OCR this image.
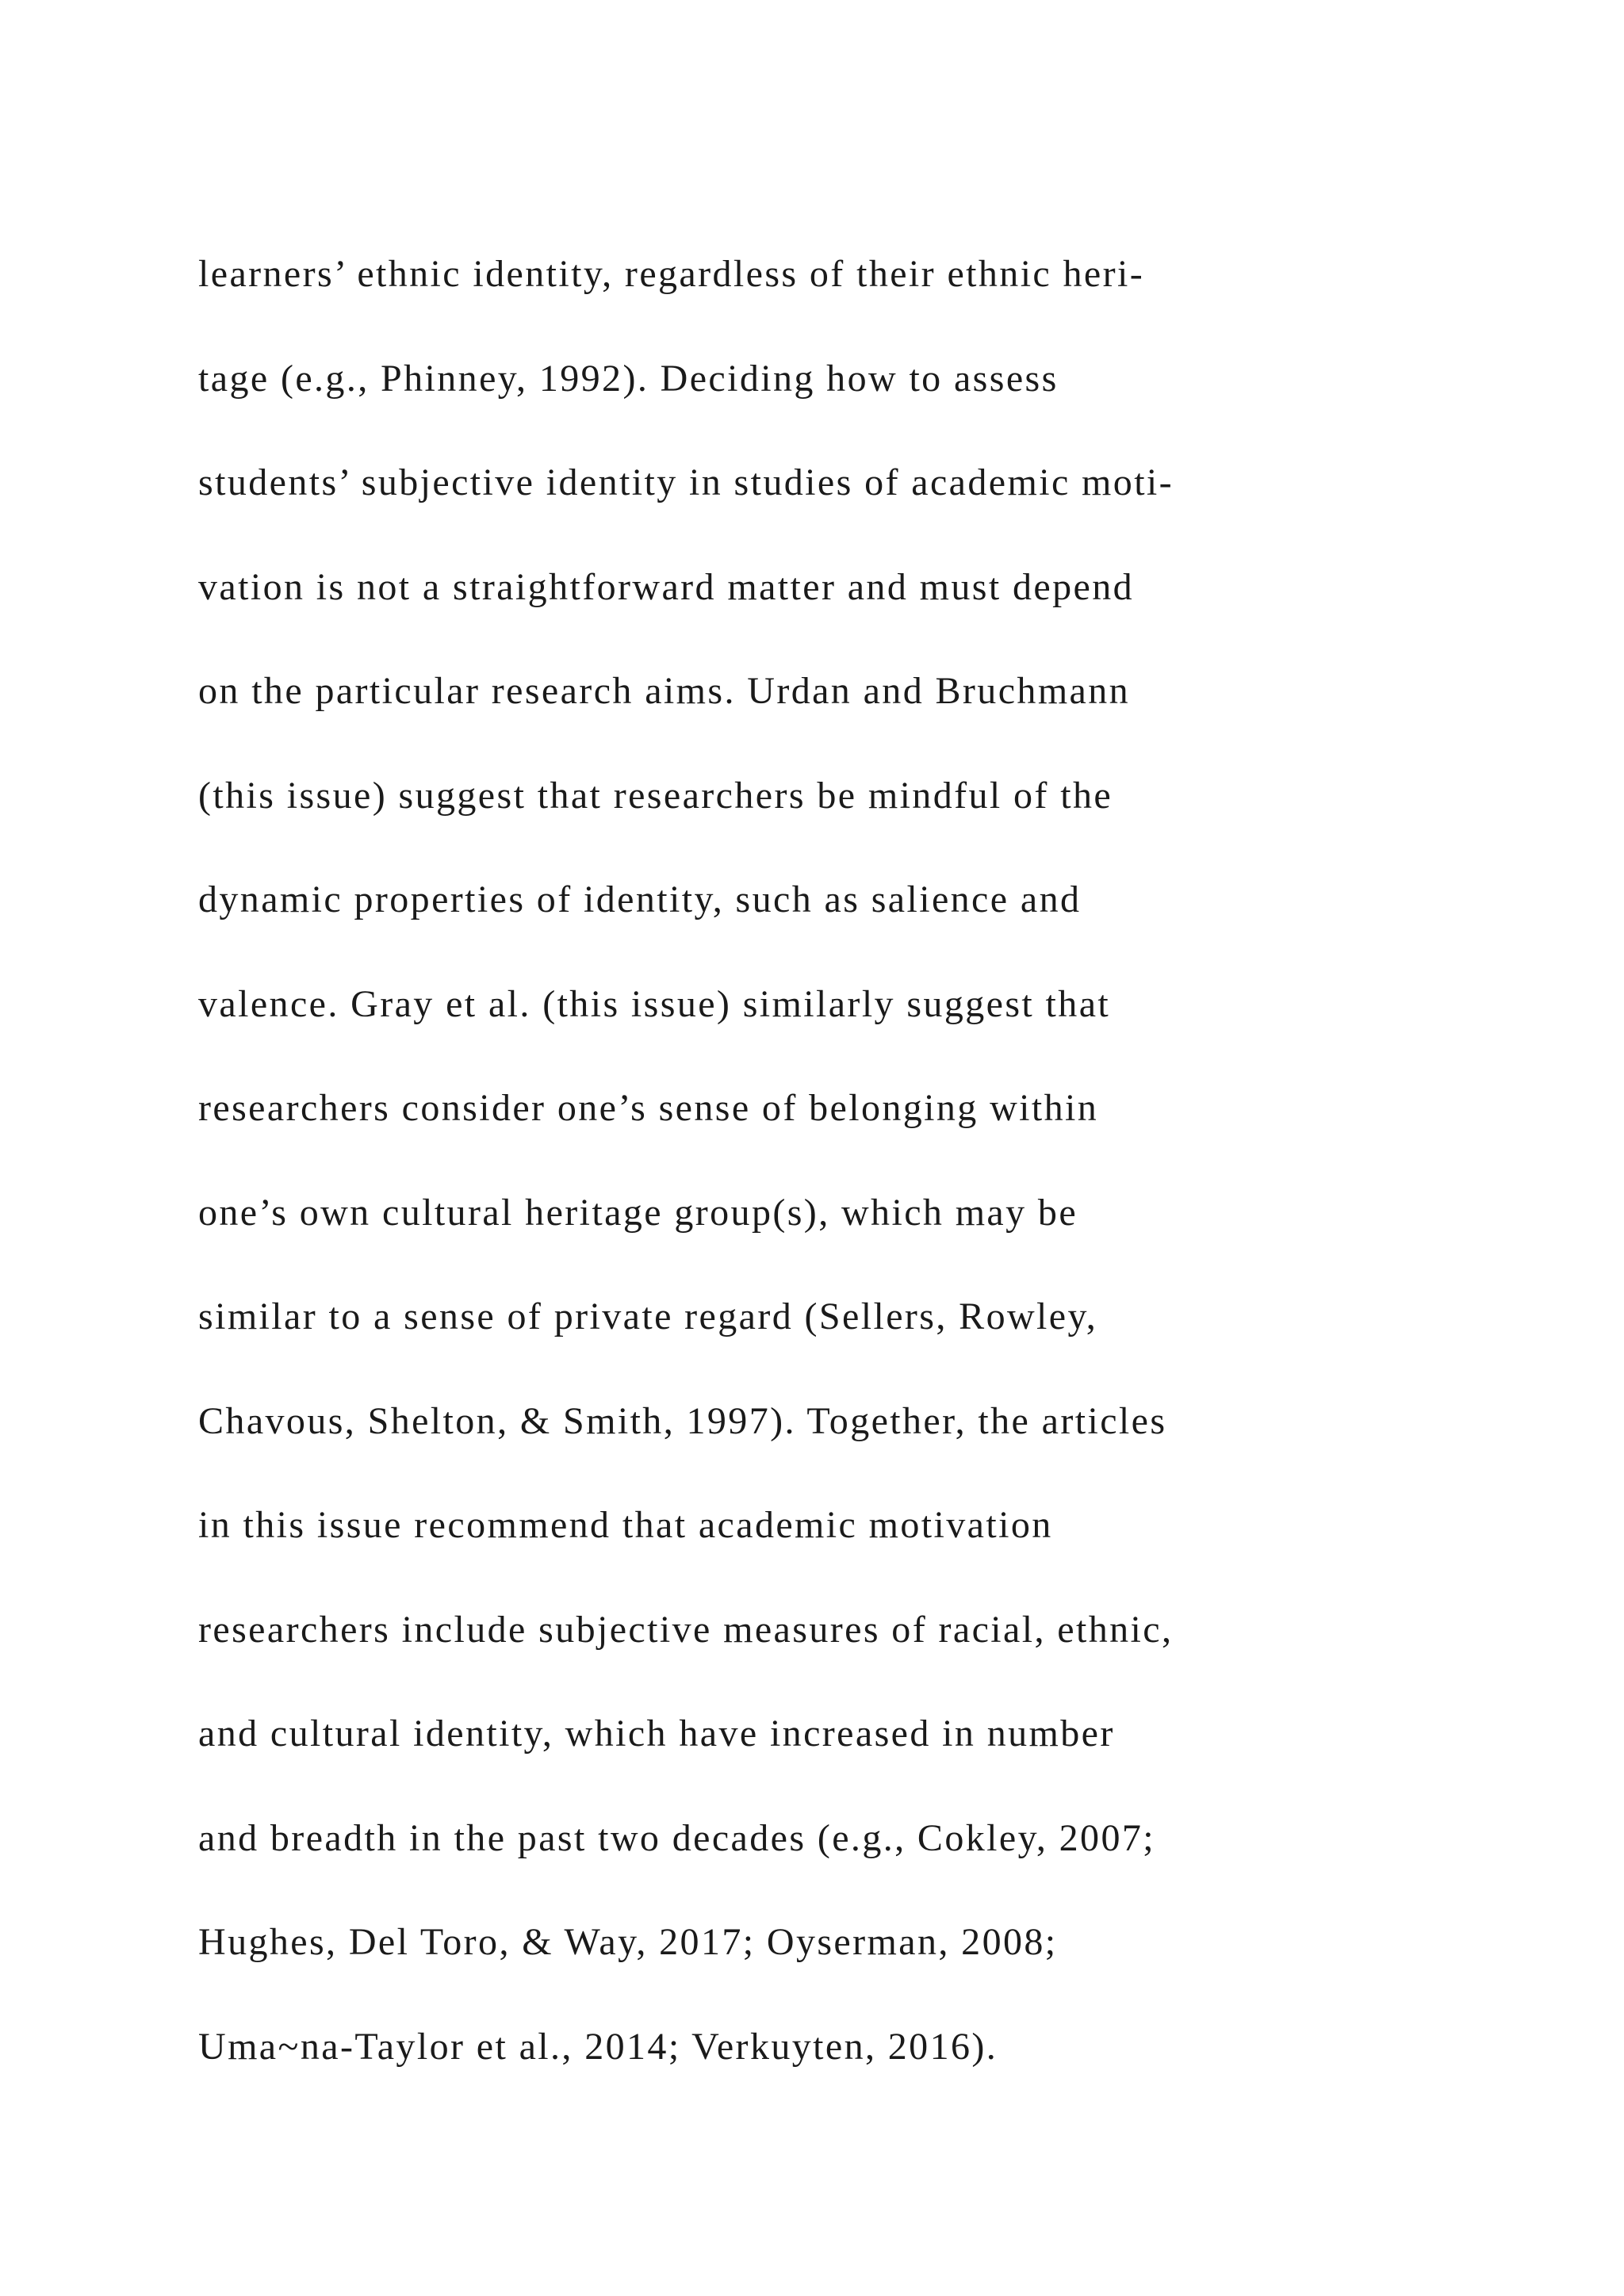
learners’ ethnic identity, regardless of their ethnic heri-
tage (e.g., Phinney, 1992). Deciding how to assess
students’ subjective identity in studies of academic moti-
vation is not a straightforward matter and must depend
on the particular research aims. Urdan and Bruchmann
(this issue) suggest that researchers be mindful of the
dynamic properties of identity, such as salience and
valence. Gray et al. (this issue) similarly suggest that
researchers consider one’s sense of belonging within
one’s own cultural heritage group(s), which may be
similar to a sense of private regard (Sellers, Rowley,
Chavous, Shelton, & Smith, 1997). Together, the articles
in this issue recommend that academic motivation
researchers include subjective measures of racial, ethnic,
and cultural identity, which have increased in number
and breadth in the past two decades (e.g., Cokley, 2007;
Hughes, Del Toro, & Way, 2017; Oyserman, 2008;
Uma~na-Taylor et al., 2014; Verkuyten, 2016).
